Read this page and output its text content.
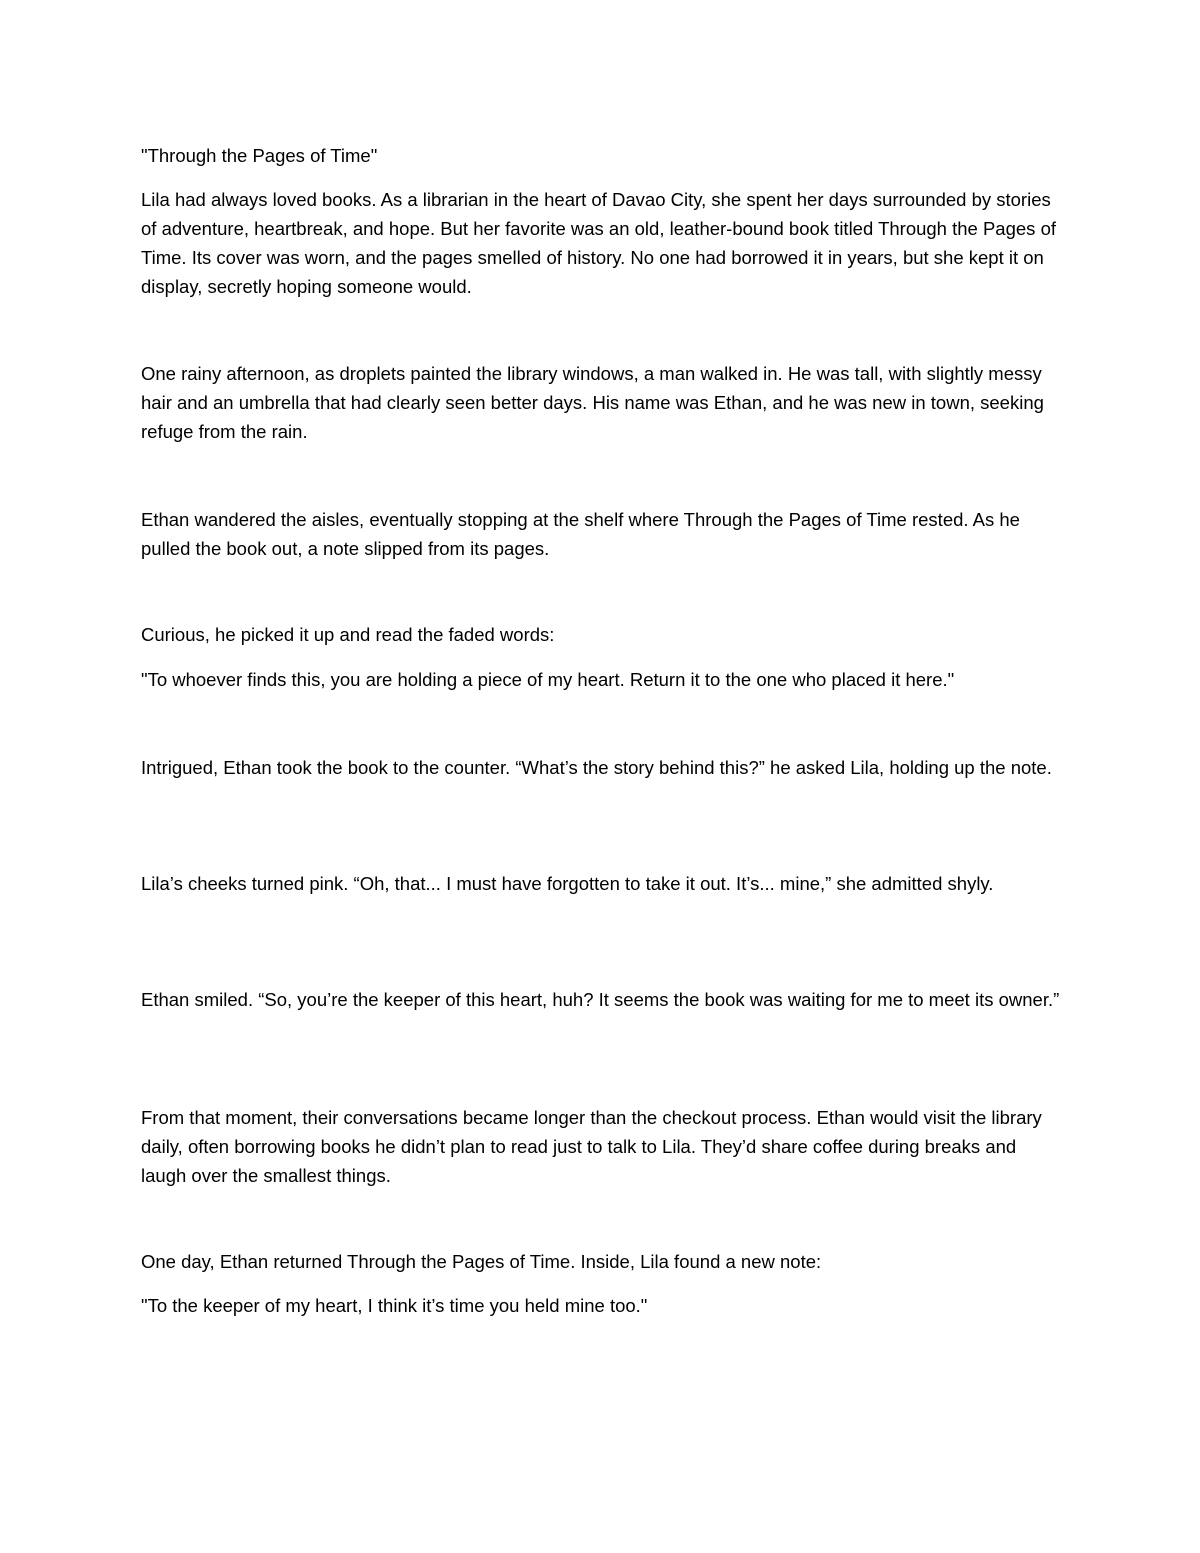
"Through the Pages of Time"

Lila had always loved books. As a librarian in the heart of Davao City, she spent her days surrounded by stories of adventure, heartbreak, and hope. But her favorite was an old, leather-bound book titled Through the Pages of Time. Its cover was worn, and the pages smelled of history. No one had borrowed it in years, but she kept it on display, secretly hoping someone would.

One rainy afternoon, as droplets painted the library windows, a man walked in. He was tall, with slightly messy hair and an umbrella that had clearly seen better days. His name was Ethan, and he was new in town, seeking refuge from the rain.

Ethan wandered the aisles, eventually stopping at the shelf where Through the Pages of Time rested. As he pulled the book out, a note slipped from its pages.

Curious, he picked it up and read the faded words:

"To whoever finds this, you are holding a piece of my heart. Return it to the one who placed it here."

Intrigued, Ethan took the book to the counter. “What’s the story behind this?” he asked Lila, holding up the note.

Lila’s cheeks turned pink. “Oh, that... I must have forgotten to take it out. It’s... mine,” she admitted shyly.

Ethan smiled. “So, you’re the keeper of this heart, huh? It seems the book was waiting for me to meet its owner.”

From that moment, their conversations became longer than the checkout process. Ethan would visit the library daily, often borrowing books he didn’t plan to read just to talk to Lila. They’d share coffee during breaks and laugh over the smallest things.

One day, Ethan returned Through the Pages of Time. Inside, Lila found a new note:

"To the keeper of my heart, I think it’s time you held mine too."
